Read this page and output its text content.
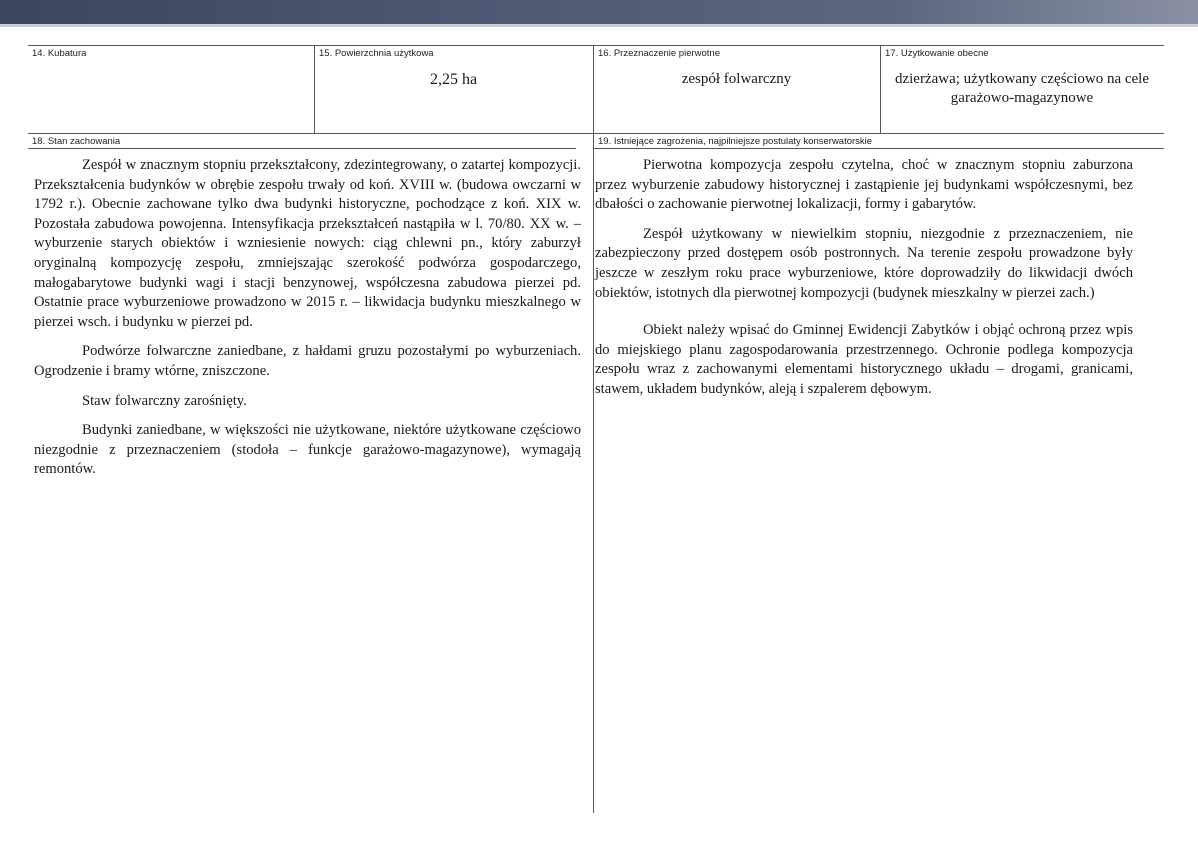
14. Kubatura	15. Powierzchnia użytkowa
2,25 ha
16. Przeznaczenie pierwotne
zespół folwarczny
17. Użytkowanie obecne
dzierżawa; użytkowany częściowo na cele garażowo-magazynowe
18. Stan zachowania	19. Istniejące zagrożenia, najpilniejsze postulaty konserwatorskie

Zespół w znacznym stopniu przekształcony, zdezintegrowany, o zatartej kompozycji. Przekształcenia budynków w obrębie zespołu trwały od koń. XVIII w. (budowa owczarni w 1792 r.). Obecnie zachowane tylko dwa budynki historyczne, pochodzące z koń. XIX w. Pozostała zabudowa powojenna. Intensyfikacja przekształceń nastąpiła w l. 70/80. XX w. – wyburzenie starych obiektów i wzniesienie nowych: ciąg chlewni pn., który zaburzył oryginalną kompozycję zespołu, zmniejszając szerokość podwórza gospodarczego, małogabarytowe budynki wagi i stacji benzynowej, współczesna zabudowa pierzei pd. Ostatnie prace wyburzeniowe prowadzono w 2015 r. – likwidacja budynku mieszkalnego w pierzei wsch. i budynku w pierzei pd.

Podwórze folwarczne zaniedbane, z hałdami gruzu pozostałymi po wyburzeniach. Ogrodzenie i bramy wtórne, zniszczone.

Staw folwarczny zarośnięty.

Budynki zaniedbane, w większości nie użytkowane, niektóre użytkowane częściowo niezgodnie z przeznaczeniem (stodoła – funkcje garażowo-magazynowe), wymagają remontów.

Pierwotna kompozycja zespołu czytelna, choć w znacznym stopniu zaburzona przez wyburzenie zabudowy historycznej i zastąpienie jej budynkami współczesnymi, bez dbałości o zachowanie pierwotnej lokalizacji, formy i gabarytów.

Zespół użytkowany w niewielkim stopniu, niezgodnie z przeznaczeniem, nie zabezpieczony przed dostępem osób postronnych. Na terenie zespołu prowadzone były jeszcze w zeszłym roku prace wyburzeniowe, które doprowadziły do likwidacji dwóch obiektów, istotnych dla pierwotnej kompozycji (budynek mieszkalny w pierzei zach.)

Obiekt należy wpisać do Gminnej Ewidencji Zabytków i objąć ochroną przez wpis do miejskiego planu zagospodarowania przestrzennego. Ochronie podlega kompozycja zespołu wraz z zachowanymi elementami historycznego układu – drogami, granicami, stawem, układem budynków, aleją i szpalerem dębowym.
